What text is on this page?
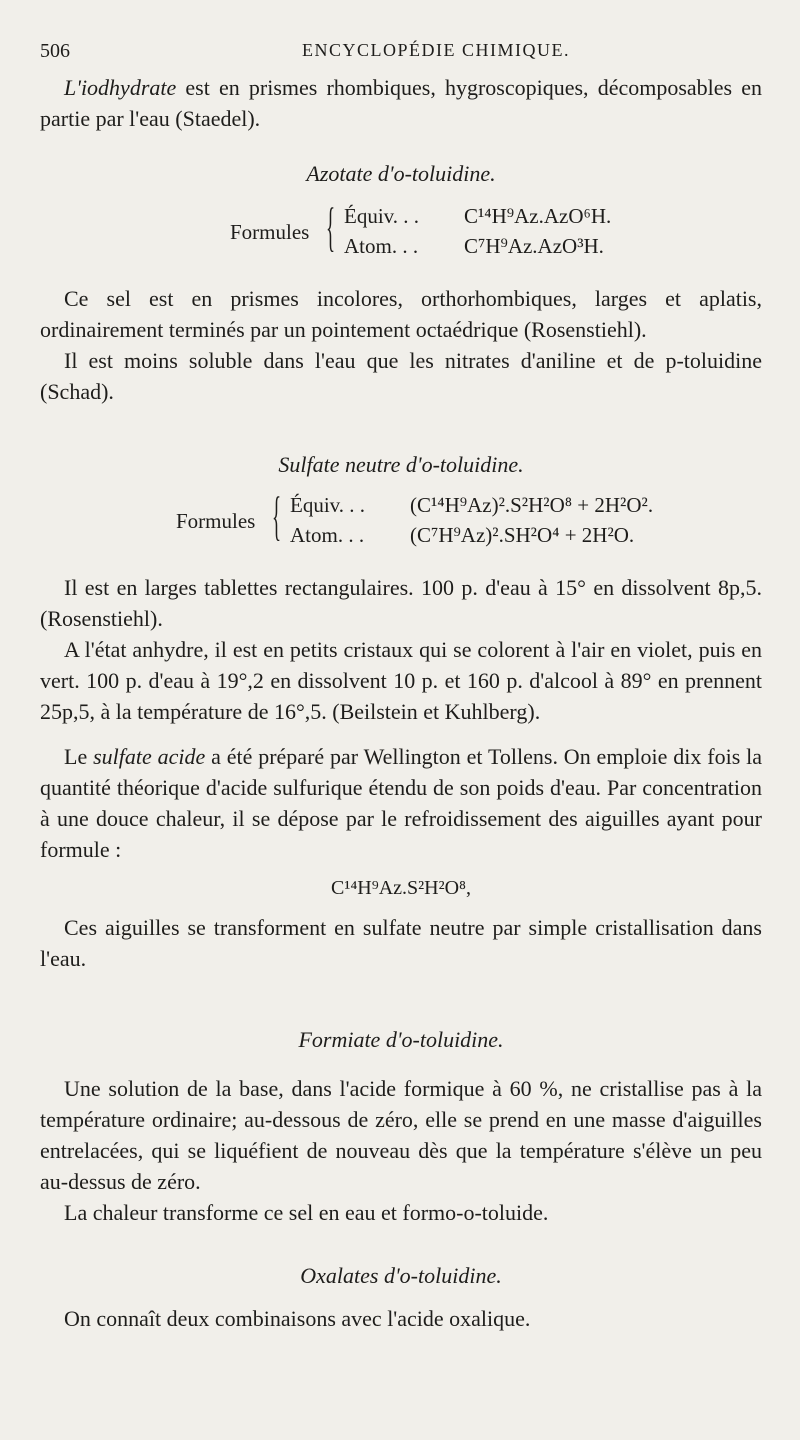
506	ENCYCLOPÉDIE CHIMIQUE.

L'iodhydrate est en prismes rhombiques, hygroscopiques, décomposables en partie par l'eau (Staedel).

Azotate d'o-toluidine.

Formules { Équiv. . . C¹⁴H⁹Az.AzO⁶H.
Atom. . . C⁷H⁹Az.AzO³H.

Ce sel est en prismes incolores, orthorhombiques, larges et aplatis, ordinairement terminés par un pointement octaédrique (Rosenstiehl).

Il est moins soluble dans l'eau que les nitrates d'aniline et de p-toluidine (Schad).

Sulfate neutre d'o-toluidine.

Formules { Équiv. . . (C¹⁴H⁹Az)².S²H²O⁸ + 2H²O².
Atom. . . (C⁷H⁹Az)².SH²O⁴ + 2H²O.

Il est en larges tablettes rectangulaires. 100 p. d'eau à 15° en dissolvent 8p,5. (Rosenstiehl).

A l'état anhydre, il est en petits cristaux qui se colorent à l'air en violet, puis en vert. 100 p. d'eau à 19°,2 en dissolvent 10 p. et 160 p. d'alcool à 89° en prennent 25p,5, à la température de 16°,5. (Beilstein et Kuhlberg).

Le sulfate acide a été préparé par Wellington et Tollens. On emploie dix fois la quantité théorique d'acide sulfurique étendu de son poids d'eau. Par concentration à une douce chaleur, il se dépose par le refroidissement des aiguilles ayant pour formule :

C¹⁴H⁹Az.S²H²O⁸,

Ces aiguilles se transforment en sulfate neutre par simple cristallisation dans l'eau.

Formiate d'o-toluidine.

Une solution de la base, dans l'acide formique à 60 %, ne cristallise pas à la température ordinaire; au-dessous de zéro, elle se prend en une masse d'aiguilles entrelacées, qui se liquéfient de nouveau dès que la température s'élève un peu au-dessus de zéro.

La chaleur transforme ce sel en eau et formo-o-toluide.

Oxalates d'o-toluidine.

On connaît deux combinaisons avec l'acide oxalique.
